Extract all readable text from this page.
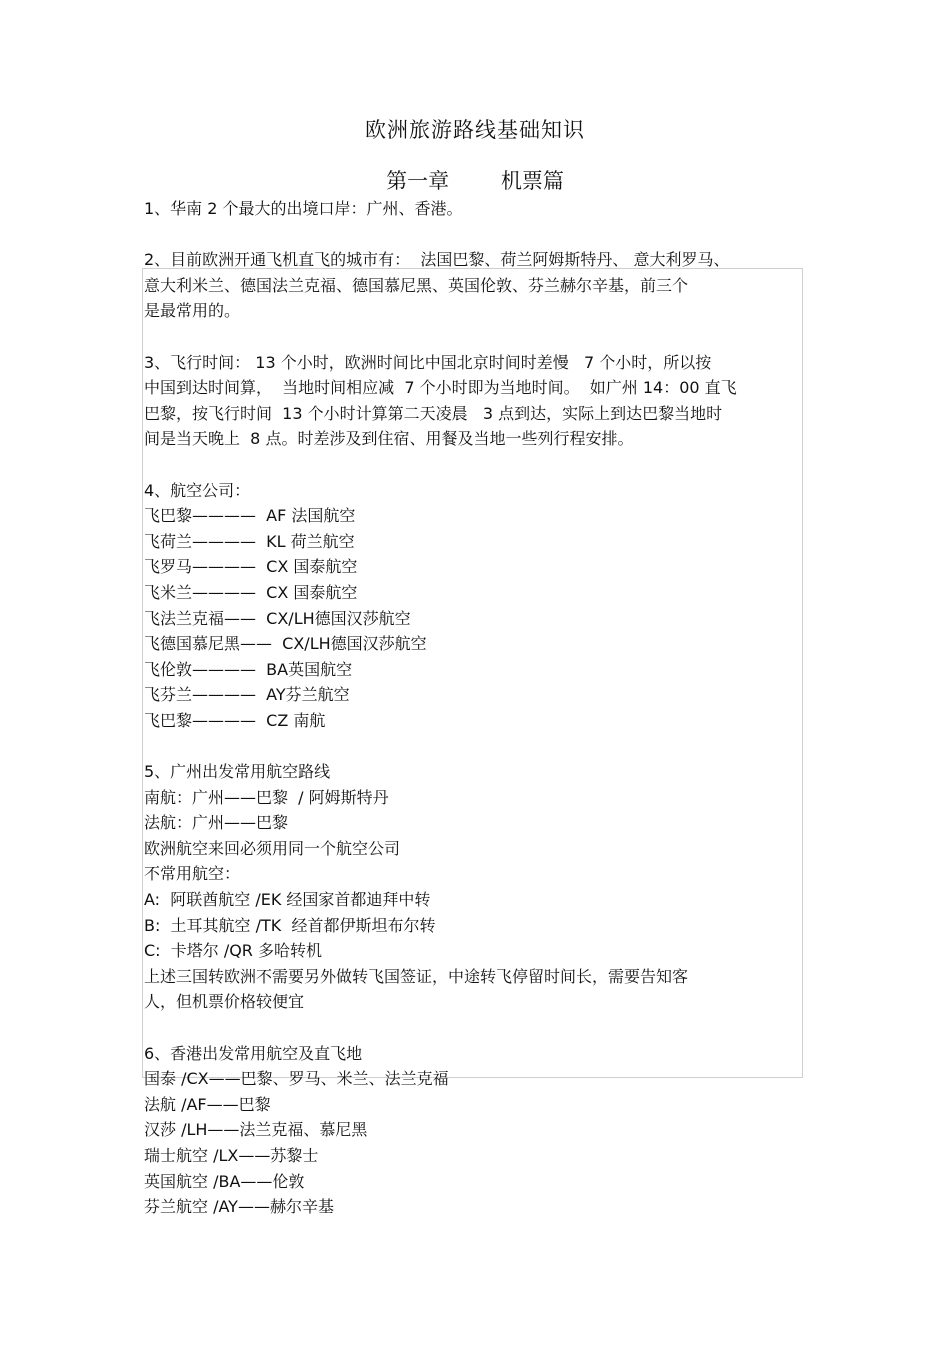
欧洲旅游路线基础知识
第一章　 机票篇
1、华南 2 个最大的出境口岸：广州、香港。
2、目前欧洲开通飞机直飞的城市有：  法国巴黎、荷兰阿姆斯特丹、 意大利罗马、
意大利米兰、德国法兰克福、德国慕尼黑、英国伦敦、芬兰赫尔辛基，前三个
是最常用的。
3、飞行时间： 13 个小时，欧洲时间比中国北京时间时差慢   7 个小时，所以按
中国到达时间算，  当地时间相应减  7 个小时即为当地时间。  如广州 14：00 直飞
巴黎，按飞行时间  13 个小时计算第二天凌晨   3 点到达，实际上到达巴黎当地时
间是当天晚上  8 点。时差涉及到住宿、用餐及当地一些列行程安排。
4、航空公司：
飞巴黎————  AF 法国航空
飞荷兰————  KL 荷兰航空
飞罗马————  CX 国泰航空
飞米兰————  CX 国泰航空
飞法兰克福——  CX/LH德国汉莎航空
飞德国慕尼黑——  CX/LH德国汉莎航空
飞伦敦————  BA英国航空
飞芬兰————  AY芬兰航空
飞巴黎————  CZ 南航
5、广州出发常用航空路线
南航：广州——巴黎  / 阿姆斯特丹
法航：广州——巴黎
欧洲航空来回必须用同一个航空公司
不常用航空：
A:  阿联酋航空 /EK 经国家首都迪拜中转
B:  土耳其航空 /TK  经首都伊斯坦布尔转
C:  卡塔尔 /QR 多哈转机
上述三国转欧洲不需要另外做转飞国签证，中途转飞停留时间长，需要告知客
人，但机票价格较便宜
6、香港出发常用航空及直飞地
国泰 /CX——巴黎、罗马、米兰、法兰克福
法航 /AF——巴黎
汉莎 /LH——法兰克福、慕尼黑
瑞士航空 /LX——苏黎士
英国航空 /BA——伦敦
芬兰航空 /AY——赫尔辛基
